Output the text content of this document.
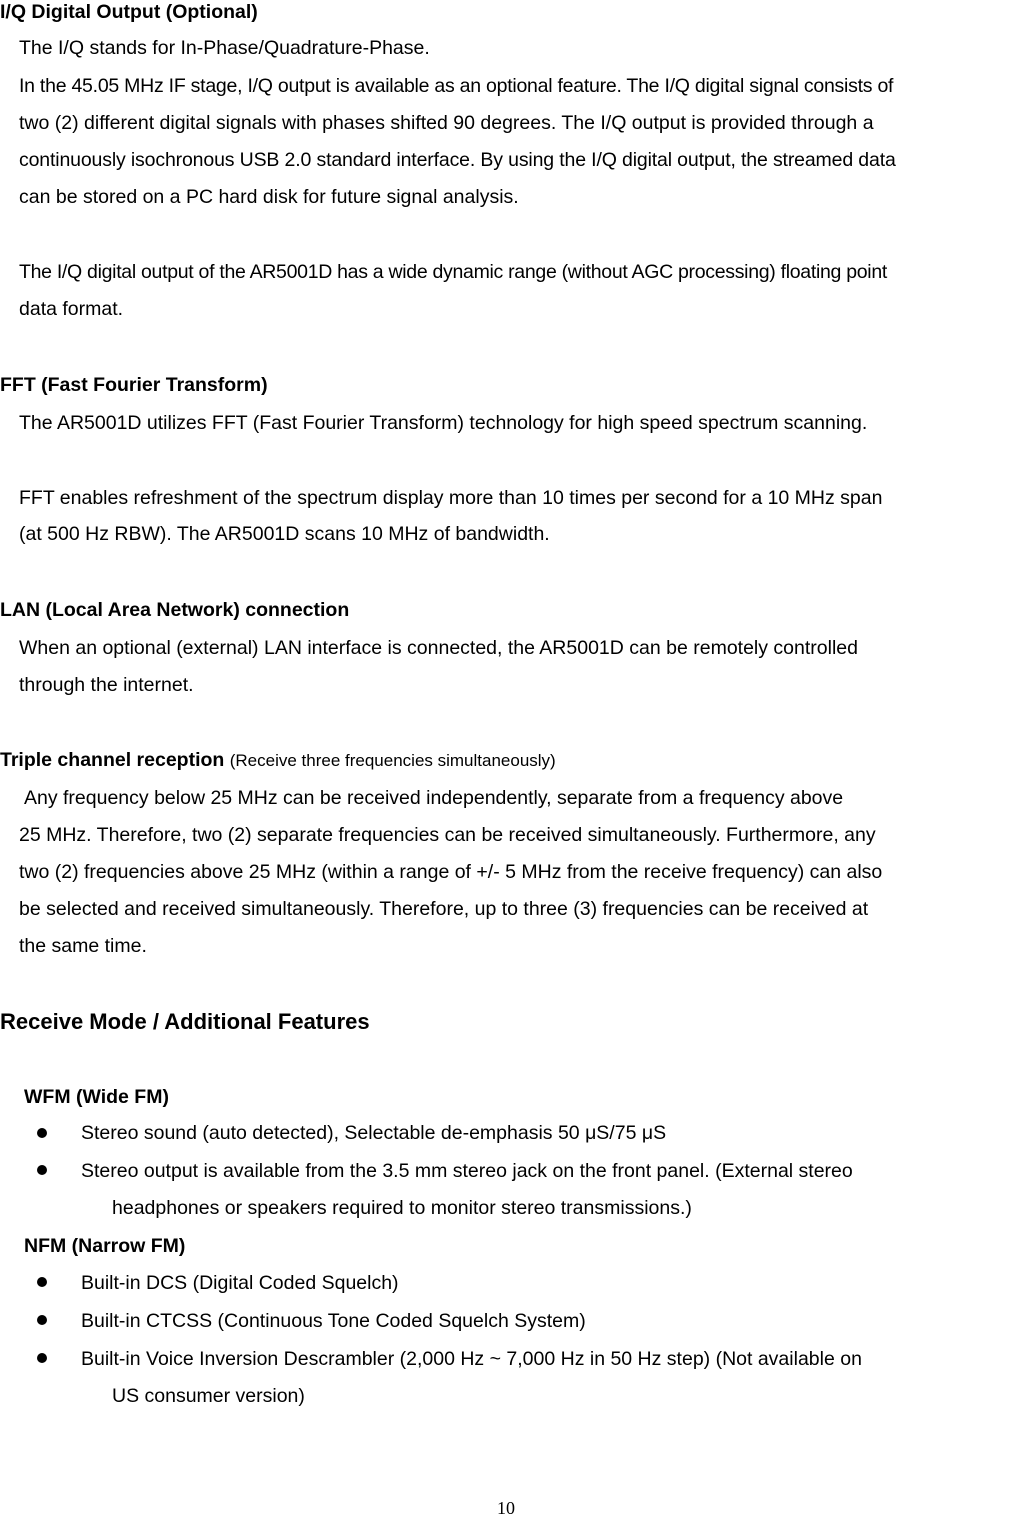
I/Q Digital Output (Optional)
The I/Q stands for In-Phase/Quadrature-Phase.
In the 45.05 MHz IF stage, I/Q output is available as an optional feature. The I/Q digital signal consists of
two (2) different digital signals with phases shifted 90 degrees. The I/Q output is provided through a
continuously isochronous USB 2.0 standard interface. By using the I/Q digital output, the streamed data
can be stored on a PC hard disk for future signal analysis.
The I/Q digital output of the AR5001D has a wide dynamic range (without AGC processing) floating point
data format.
FFT (Fast Fourier Transform)
The AR5001D utilizes FFT (Fast Fourier Transform) technology for high speed spectrum scanning.
FFT enables refreshment of the spectrum display more than 10 times per second for a 10 MHz span
(at 500 Hz RBW). The AR5001D scans 10 MHz of bandwidth.
LAN (Local Area Network) connection
When an optional (external) LAN interface is connected, the AR5001D can be remotely controlled
through the internet.
Triple channel reception (Receive three frequencies simultaneously)
Any frequency below 25 MHz can be received independently, separate from a frequency above
25 MHz. Therefore, two (2) separate frequencies can be received simultaneously. Furthermore, any
two (2) frequencies above 25 MHz (within a range of +/- 5 MHz from the receive frequency) can also
be selected and received simultaneously. Therefore, up to three (3) frequencies can be received at
the same time.
Receive Mode / Additional Features
WFM (Wide FM)
Stereo sound (auto detected), Selectable de-emphasis 50 μS/75 μS
Stereo output is available from the 3.5 mm stereo jack on the front panel. (External stereo
headphones or speakers required to monitor stereo transmissions.)
NFM (Narrow FM)
Built-in DCS (Digital Coded Squelch)
Built-in CTCSS (Continuous Tone Coded Squelch System)
Built-in Voice Inversion Descrambler (2,000 Hz ~ 7,000 Hz in 50 Hz step) (Not available on
US consumer version)
10
